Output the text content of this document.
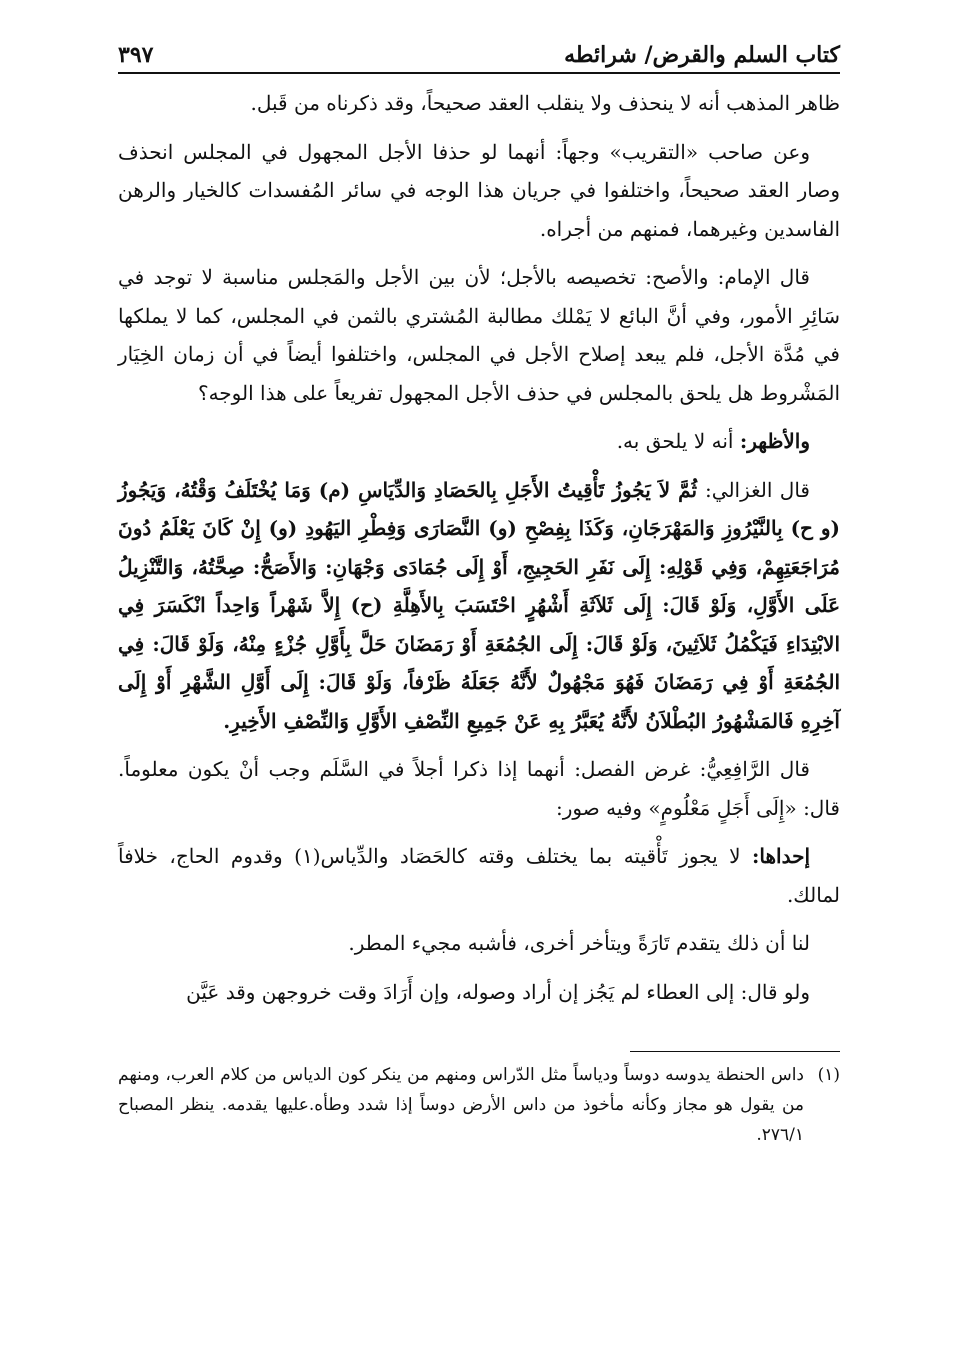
كتاب السلم والقرض/ شرائطه
٣٩٧

ظاهر المذهب أنه لا ينحذف ولا ينقلب العقد صحيحاً، وقد ذكرناه من قَبل.

وعن صاحب «التقريب» وجهاً: أنهما لو حذفا الأجل المجهول في المجلس انحذف وصار العقد صحيحاً، واختلفوا في جريان هذا الوجه في سائر المُفسدات كالخيار والرهن الفاسدين وغيرهما، فمنهم من أجراه.

قال الإمام: والأصح: تخصيصه بالأجل؛ لأن بين الأجل والمَجلس مناسبة لا توجد في سَائِرِ الأمور، وفي أنَّ البائع لا يَمْلك مطالبة المُشتري بالثمن في المجلس، كما لا يملكها في مُدَّة الأجل، فلم يبعد إصلاح الأجل في المجلس، واختلفوا أيضاً في أن زمان الخِيَار المَشْروط هل يلحق بالمجلس في حذف الأجل المجهول تفريعاً على هذا الوجه؟

والأظهر: أنه لا يلحق به.

قال الغزالي: ثُمَّ لاَ يَجُوزُ تَأْقِيتُ الأَجَلِ بِالحَصَادِ وَالدِّيَاسِ (م) وَمَا يُخْتَلَفُ وَقْتُهُ، وَيَجُوزُ (و ح) بِالنَّيْرُوزِ وَالمَهْرَجَانِ، وَكَذَا بِفِصْحِ (و) النَّصَارَى وَفِطْرِ اليَهُودِ (و) إِنْ كَانَ يَعْلَمُ دُونَ مُرَاجَعَتِهِمْ، وَفِي قَوْلِهِ: إِلَى نَفَرِ الحَجِيجِ، أَوْ إِلَى جُمَادَى وَجْهَانِ: وَالأَصَحُّ: صِحَّتُهُ، وَالتَّنْزِيلُ عَلَى الأَوَّلِ، وَلَوْ قَالَ: إِلَى ثَلاَثَةِ أَشْهُرٍ احْتَسَبَ بِالأَهِلَّةِ (ح) إِلاَّ شَهْراً وَاحِداً انْكَسَرَ فِي الابْتِدَاءِ فَيَكْمُلُ ثَلاَثِينَ، وَلَوْ قَالَ: إِلَى الجُمُعَةِ أَوْ رَمَضَانَ حَلَّ بِأَوَّلِ جُزْءٍ مِنْهُ، وَلَوْ قَالَ: فِي الجُمُعَةِ أَوْ فِي رَمَضَانَ فَهُوَ مَجْهُولٌ لأَنَّهُ جَعَلَهُ ظَرْفاً، وَلَوْ قَالَ: إِلَى أَوَّلِ الشَّهْرِ أَوْ إِلَى آخِرِهِ فَالمَشْهُورُ البُطْلاَنُ لأَنَّهُ يُعَبَّرُ بِهِ عَنْ جَمِيعِ النِّصْفِ الأَوَّلِ وَالنِّصْفِ الأَخِيرِ.

قال الرَّافِعِيُّ: غرض الفصل: أنهما إذا ذكرا أجلاً في السَّلَم وجب أنْ يكون معلوماً. قال: «إِلَى أَجَلٍ مَعْلُومٍ» وفيه صور:

إحداها: لا يجوز تَأْقيته بما يختلف وقته كالحَصَاد والدِّياس(١) وقدوم الحاج، خلافاً لمالك.

لنا أن ذلك يتقدم تَارَةً ويتأخر أخرى، فأشبه مجيء المطر.

ولو قال: إلى العطاء لم يَجُز إن أراد وصوله، وإن أَرَادَ وقت خروجهن وقد عَيَّن

(١)
داس الحنطة يدوسه دوساً ودياساً مثل الدّراس ومنهم من ينكر كون الدياس من كلام العرب، ومنهم من يقول هو مجاز وكأنه مأخوذ من داس الأرض دوساً إذا شدد وطأه.عليها يقدمه. ينظر المصباح ٢٧٦/١.
